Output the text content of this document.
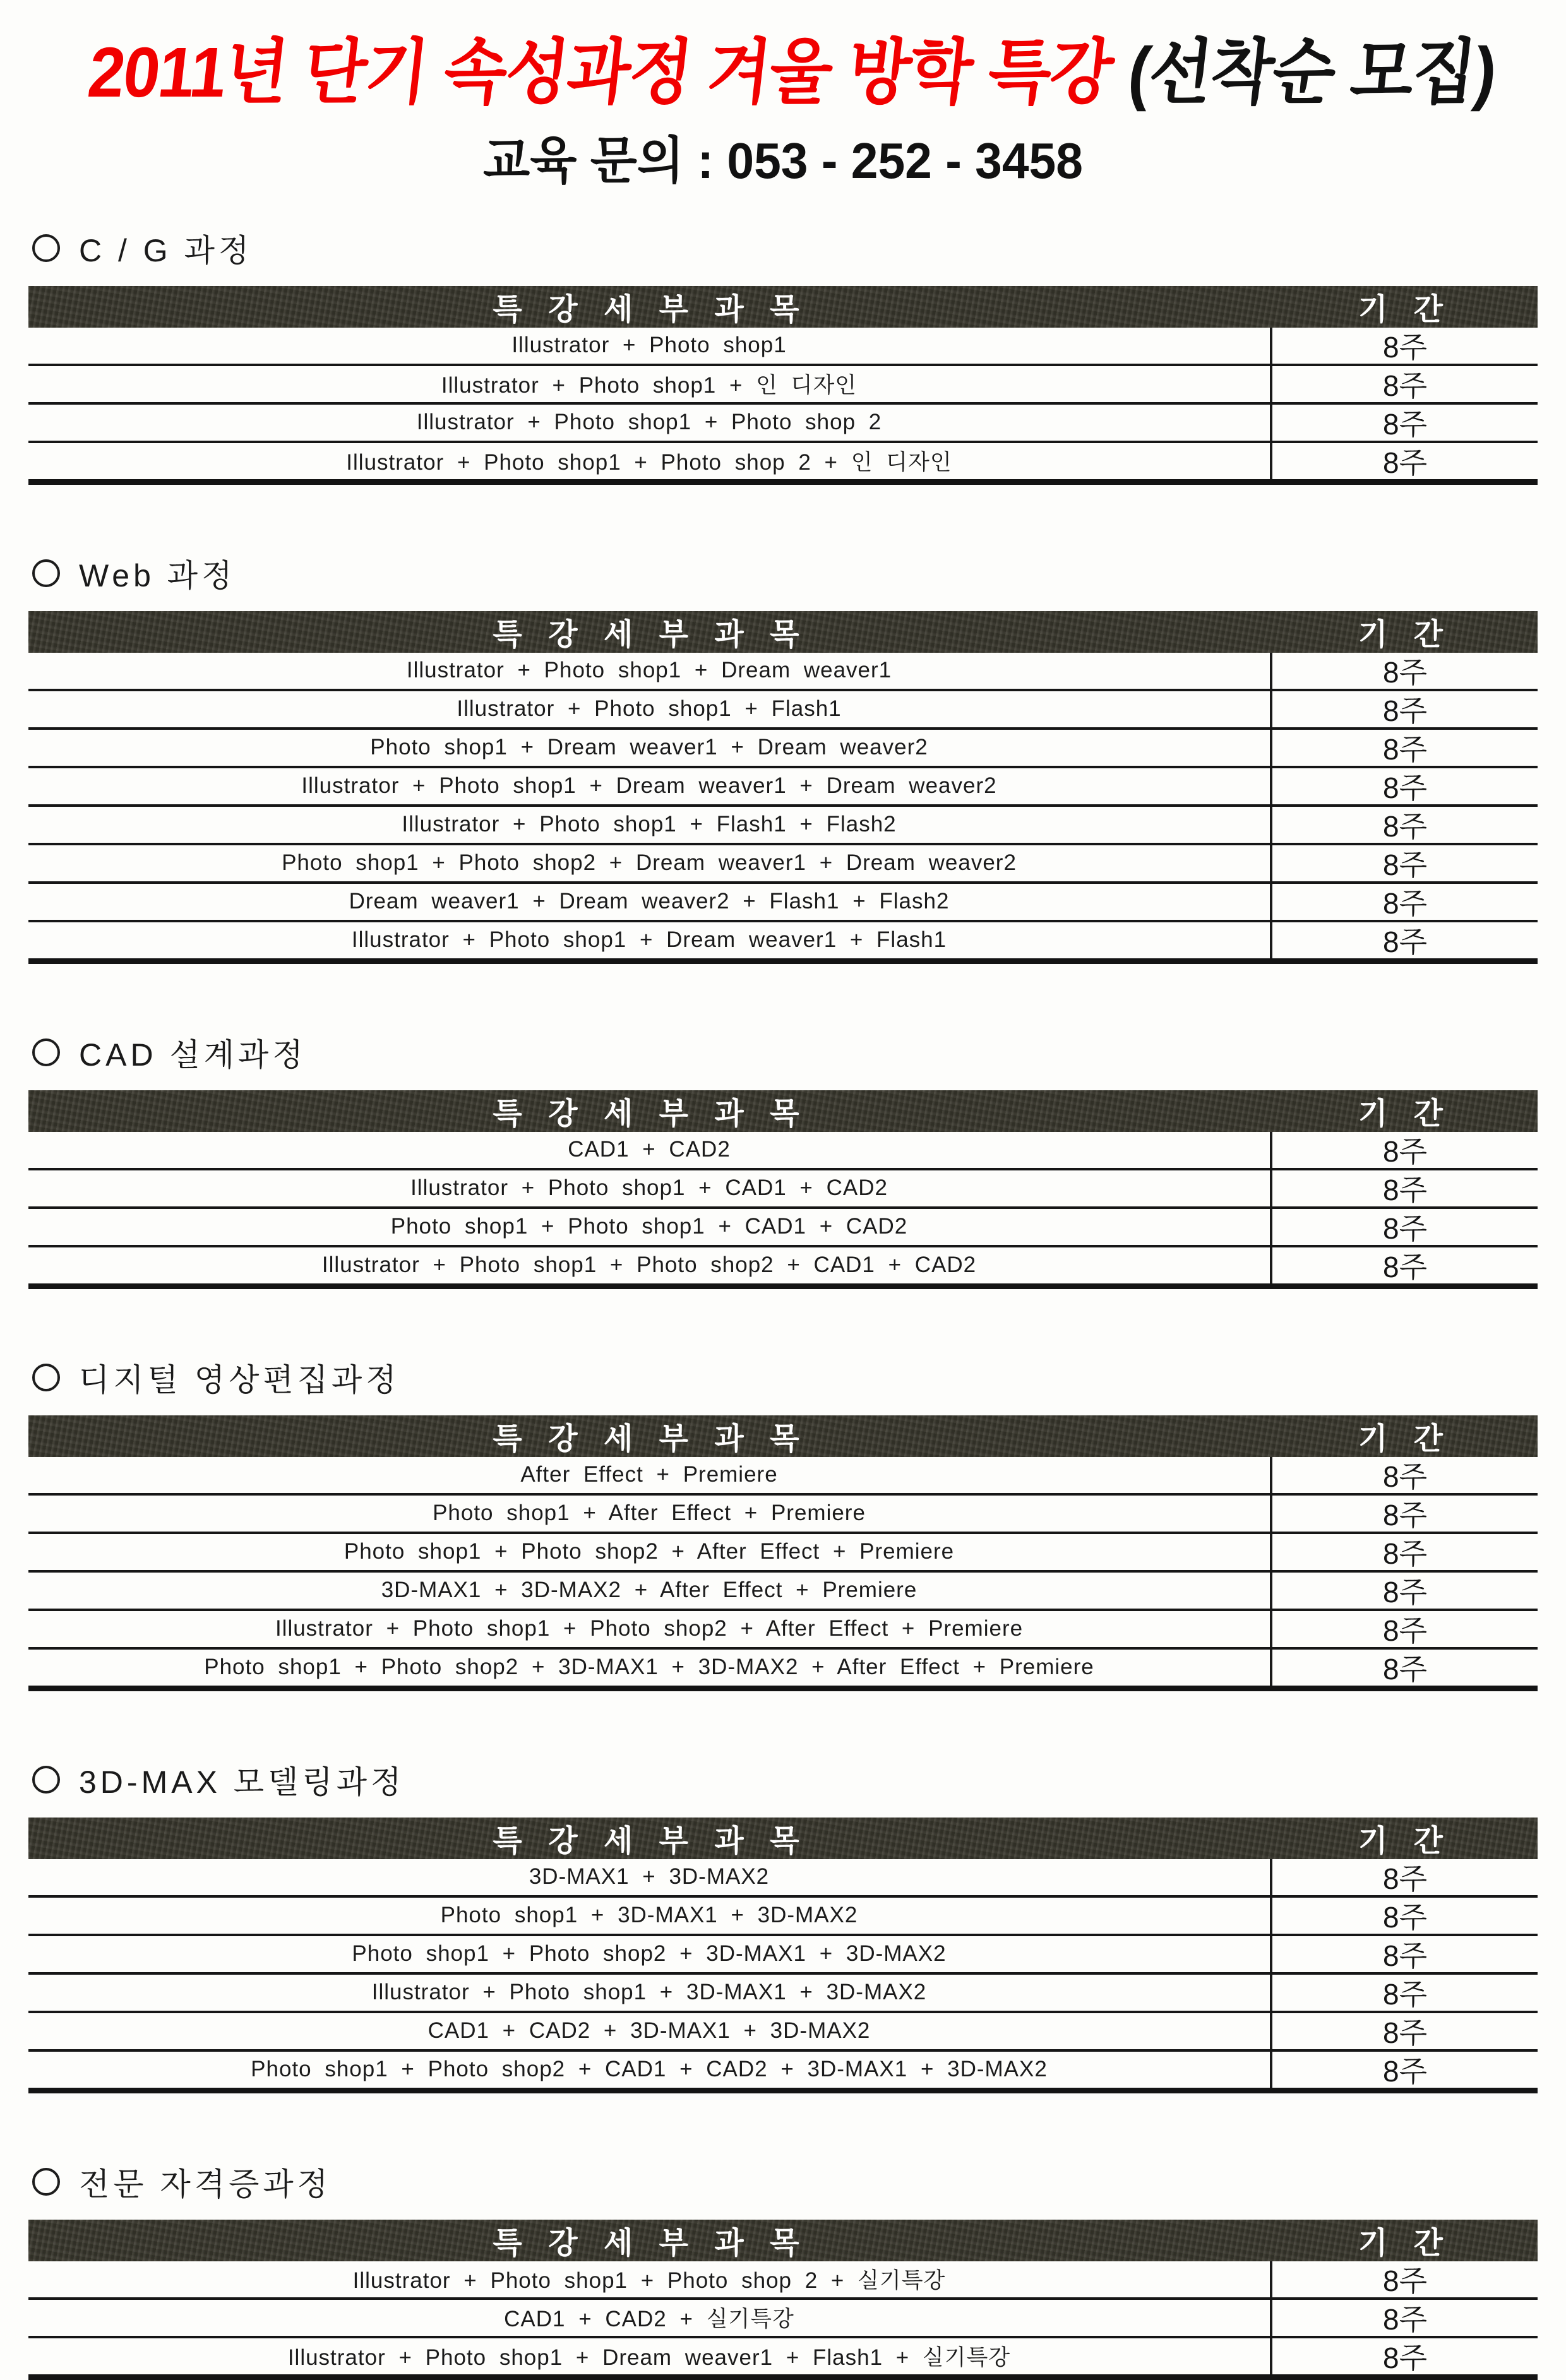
2011년 단기 속성과정 겨울 방학 특강 (선착순 모집)
교육 문의 : 053 - 252 - 3458
C / G 과정
특 강 세 부 과 목	기 간
Illustrator + Photo shop1	8주
Illustrator + Photo shop1 + 인 디자인	8주
Illustrator + Photo shop1 + Photo shop 2	8주
Illustrator + Photo shop1 + Photo shop 2 + 인 디자인	8주
Web 과정
특 강 세 부 과 목	기 간
Illustrator + Photo shop1 + Dream weaver1	8주
Illustrator + Photo shop1 + Flash1	8주
Photo shop1 + Dream weaver1 + Dream weaver2	8주
Illustrator + Photo shop1 + Dream weaver1 + Dream weaver2	8주
Illustrator + Photo shop1 + Flash1 + Flash2	8주
Photo shop1 + Photo shop2 + Dream weaver1 + Dream weaver2	8주
Dream weaver1 + Dream weaver2 + Flash1 + Flash2	8주
Illustrator + Photo shop1 + Dream weaver1 + Flash1	8주
CAD 설계과정
특 강 세 부 과 목	기 간
CAD1 + CAD2	8주
Illustrator + Photo shop1 + CAD1 + CAD2	8주
Photo shop1 + Photo shop1 + CAD1 + CAD2	8주
Illustrator + Photo shop1 + Photo shop2 + CAD1 + CAD2	8주
디지털 영상편집과정
특 강 세 부 과 목	기 간
After Effect + Premiere	8주
Photo shop1 + After Effect + Premiere	8주
Photo shop1 + Photo shop2 + After Effect + Premiere	8주
3D-MAX1 + 3D-MAX2 + After Effect + Premiere	8주
Illustrator + Photo shop1 + Photo shop2 + After Effect + Premiere	8주
Photo shop1 + Photo shop2 + 3D-MAX1 + 3D-MAX2 + After Effect + Premiere	8주
3D-MAX 모델링과정
특 강 세 부 과 목	기 간
3D-MAX1 + 3D-MAX2	8주
Photo shop1 + 3D-MAX1 + 3D-MAX2	8주
Photo shop1 + Photo shop2 + 3D-MAX1 + 3D-MAX2	8주
Illustrator + Photo shop1 + 3D-MAX1 + 3D-MAX2	8주
CAD1 + CAD2 + 3D-MAX1 + 3D-MAX2	8주
Photo shop1 + Photo shop2 + CAD1 + CAD2 + 3D-MAX1 + 3D-MAX2	8주
전문 자격증과정
특 강 세 부 과 목	기 간
Illustrator + Photo shop1 + Photo shop 2 + 실기특강	8주
CAD1 + CAD2 + 실기특강	8주
Illustrator + Photo shop1 + Dream weaver1 + Flash1 + 실기특강	8주
